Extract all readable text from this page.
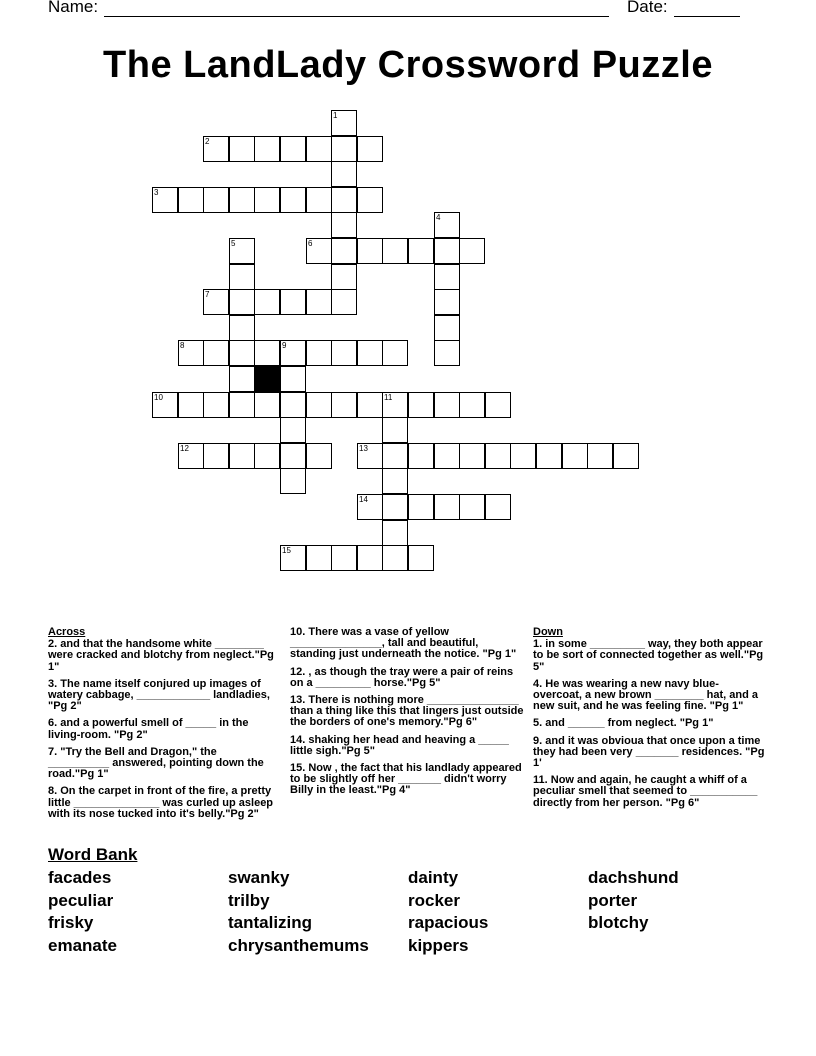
Name:	Date:
The LandLady Crossword Puzzle
1
2
3
4
5	6
7
8	9
10	11
12	13
14
15
Across
2. and that the handsome white ________ were cracked and blotchy from neglect."Pg 1"
3. The name itself conjured up images of watery cabbage, ____________ landladies, "Pg 2"
6. and a powerful smell of _____ in the living-room. "Pg 2"
7. "Try the Bell and Dragon," the __________ answered, pointing down the road."Pg 1"
8. On the carpet in front of the fire, a pretty little ______________ was curled up asleep with its nose tucked into it's belly."Pg 2"
10. There was a vase of yellow _______________, tall and beautiful, standing just underneath the notice. "Pg 1"
12. , as though the tray were a pair of reins on a _________ horse."Pg 5"
13. There is nothing more _______________ than a thing like this that lingers just outside the borders of one's memory."Pg 6"
14. shaking her head and heaving a _____ little sigh."Pg 5"
15. Now , the fact that his landlady appeared to be slightly off her _______ didn't worry Billy in the least."Pg 4"
Down
1. in some _________ way, they both appear to be sort of connected together as well."Pg 5"
4. He was wearing a new navy blue-overcoat, a new brown ________ hat, and a new suit, and he was feeling fine. "Pg 1"
5. and ______ from neglect. "Pg 1"
9. and it was obvioua that once upon a time they had been very _______ residences. "Pg 1'
11. Now and again, he caught a whiff of a peculiar smell that seemed to ___________ directly from her person. "Pg 6"
Word Bank
facades	swanky	dainty	dachshund
peculiar	trilby	rocker	porter
frisky	tantalizing	rapacious	blotchy
emanate	chrysanthemums kippers
